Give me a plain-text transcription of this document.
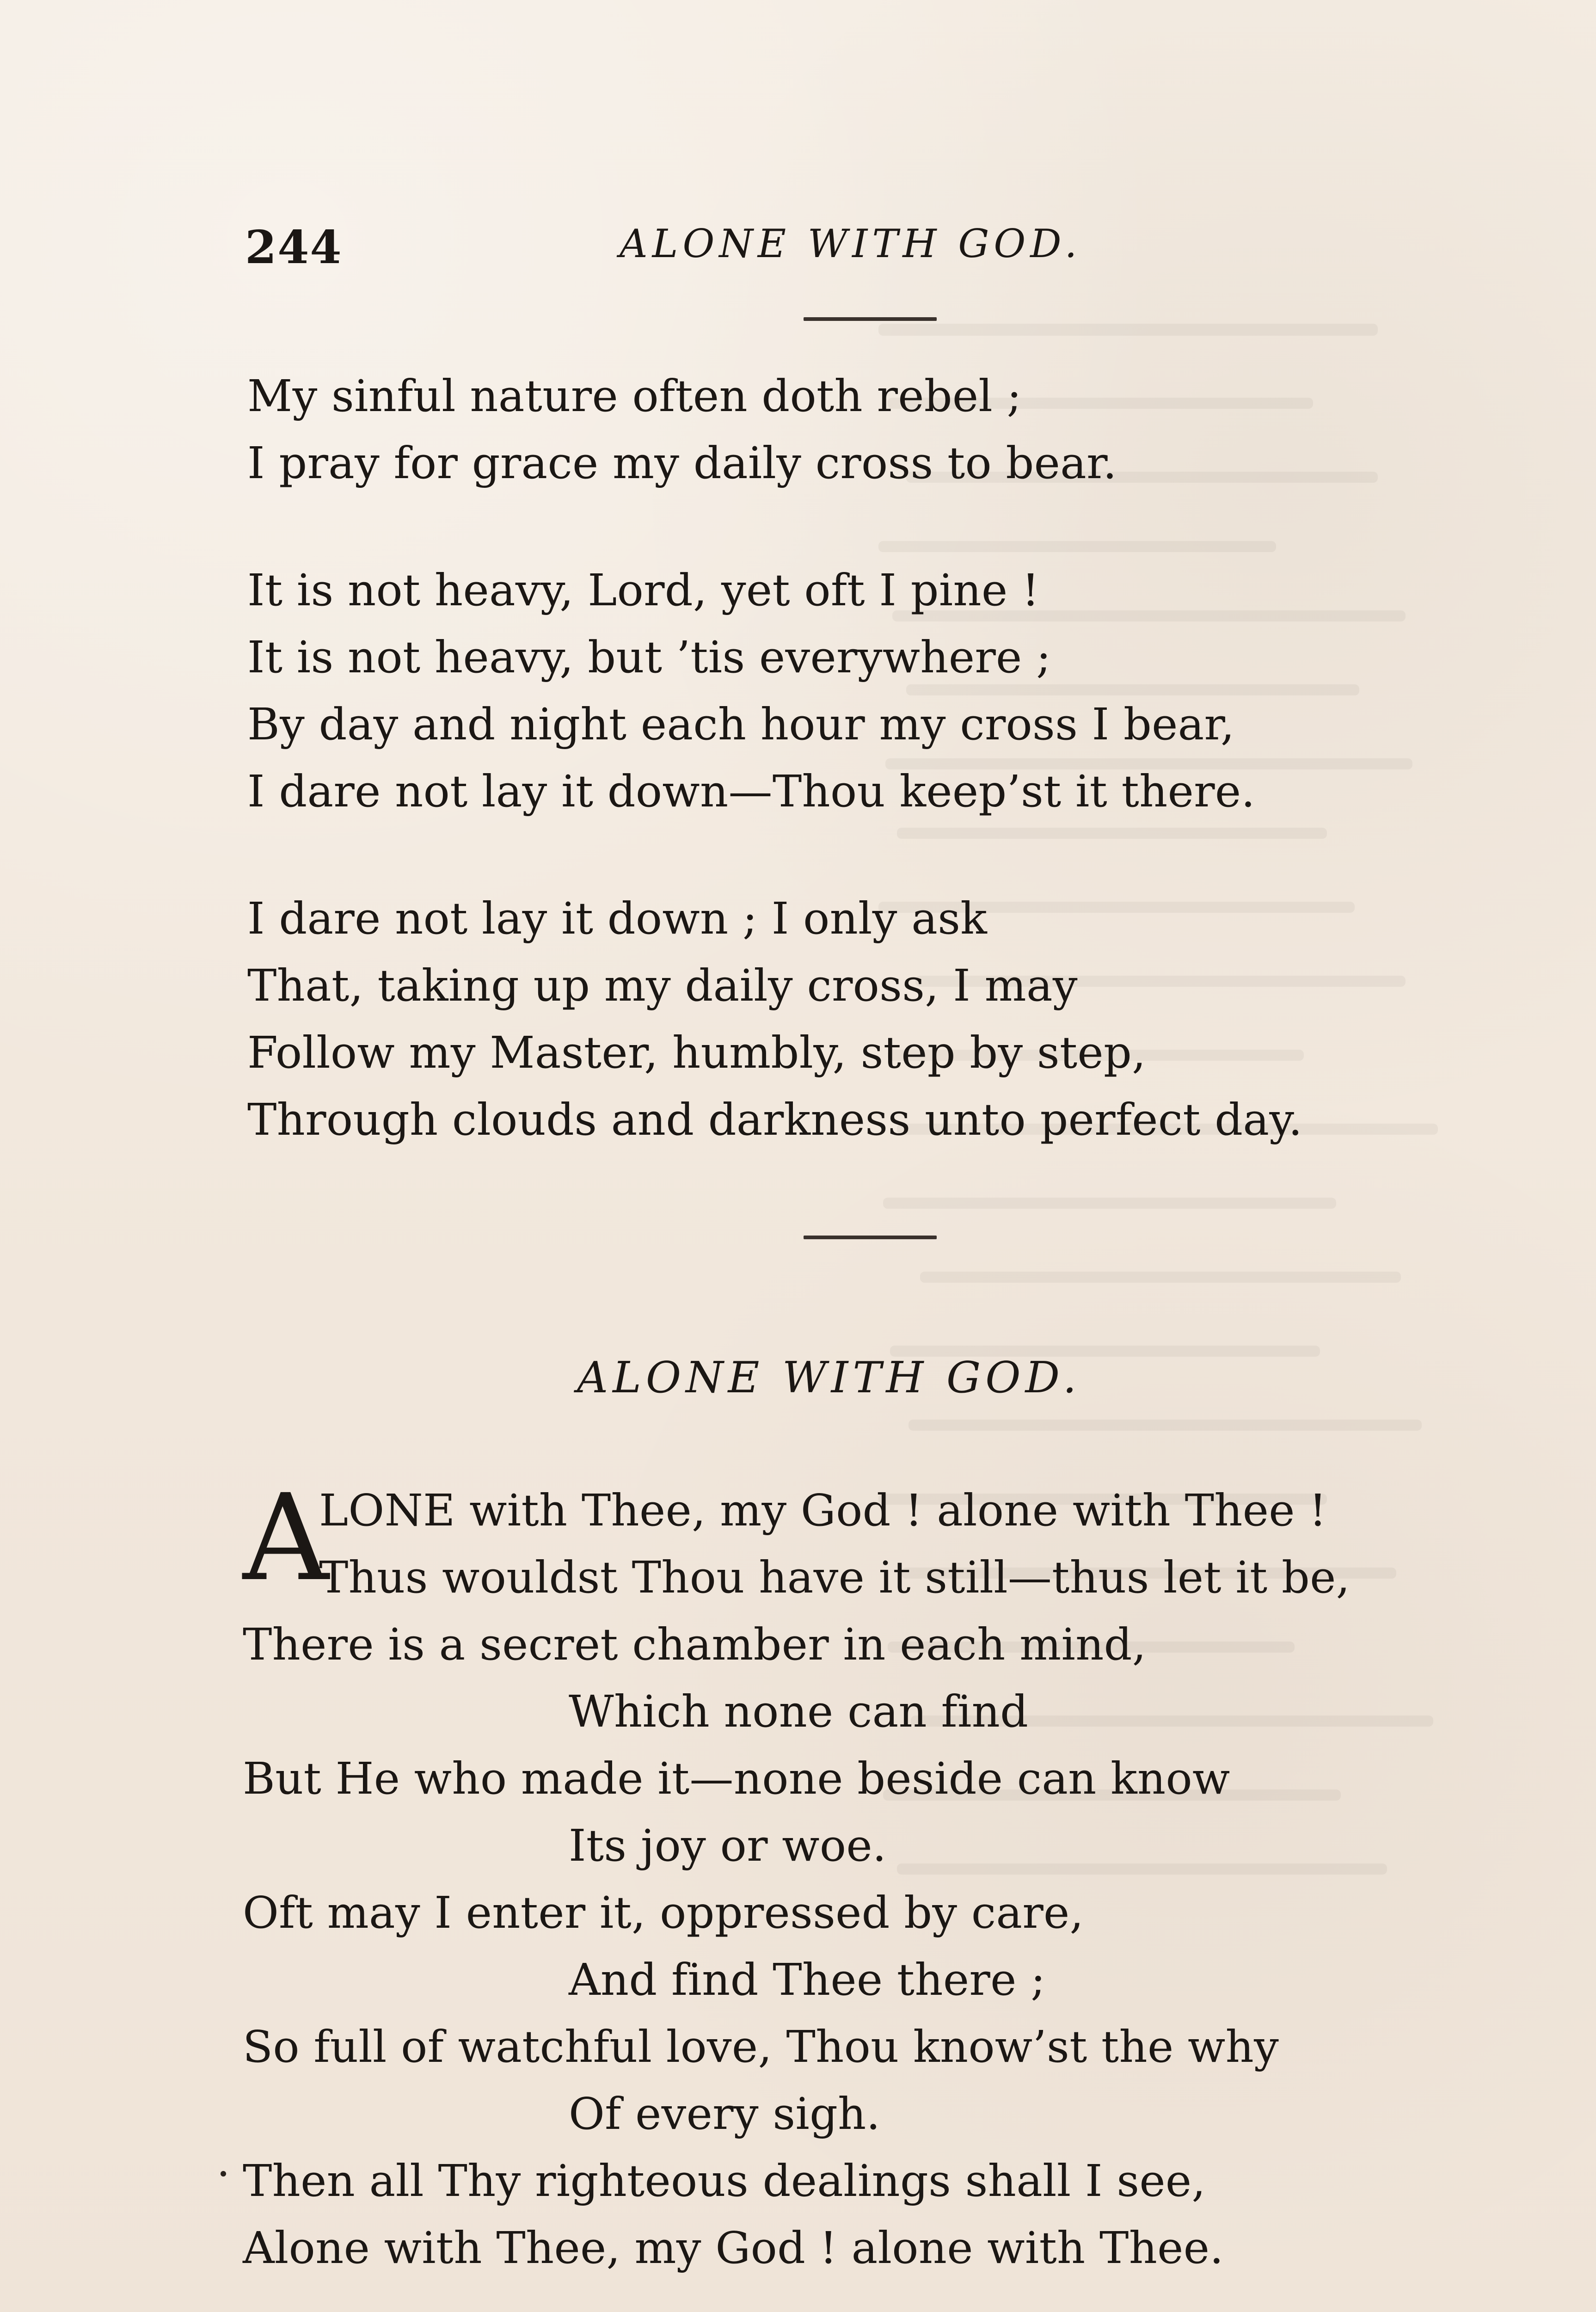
244	ALONE WITH GOD.
My sinful nature often doth rebel ;
I pray for grace my daily cross to bear.
It is not heavy, Lord, yet oft I pine !
It is not heavy, but ’tis everywhere ;
By day and night each hour my cross I bear,
I dare not lay it down—Thou keep’st it there.
I dare not lay it down ; I only ask
That, taking up my daily cross, I may
Follow my Master, humbly, step by step,
Through clouds and darkness unto perfect day.
ALONE WITH GOD.
A
LONE with Thee, my God ! alone with Thee !
Thus wouldst Thou have it still—thus let it be,
There is a secret chamber in each mind,
Which none can find
But He who made it—none beside can know
Its joy or woe.
Oft may I enter it, oppressed by care,
And find Thee there ;
So full of watchful love, Thou know’st the why
Of every sigh.
Then all Thy righteous dealings shall I see,
Alone with Thee, my God ! alone with Thee.
